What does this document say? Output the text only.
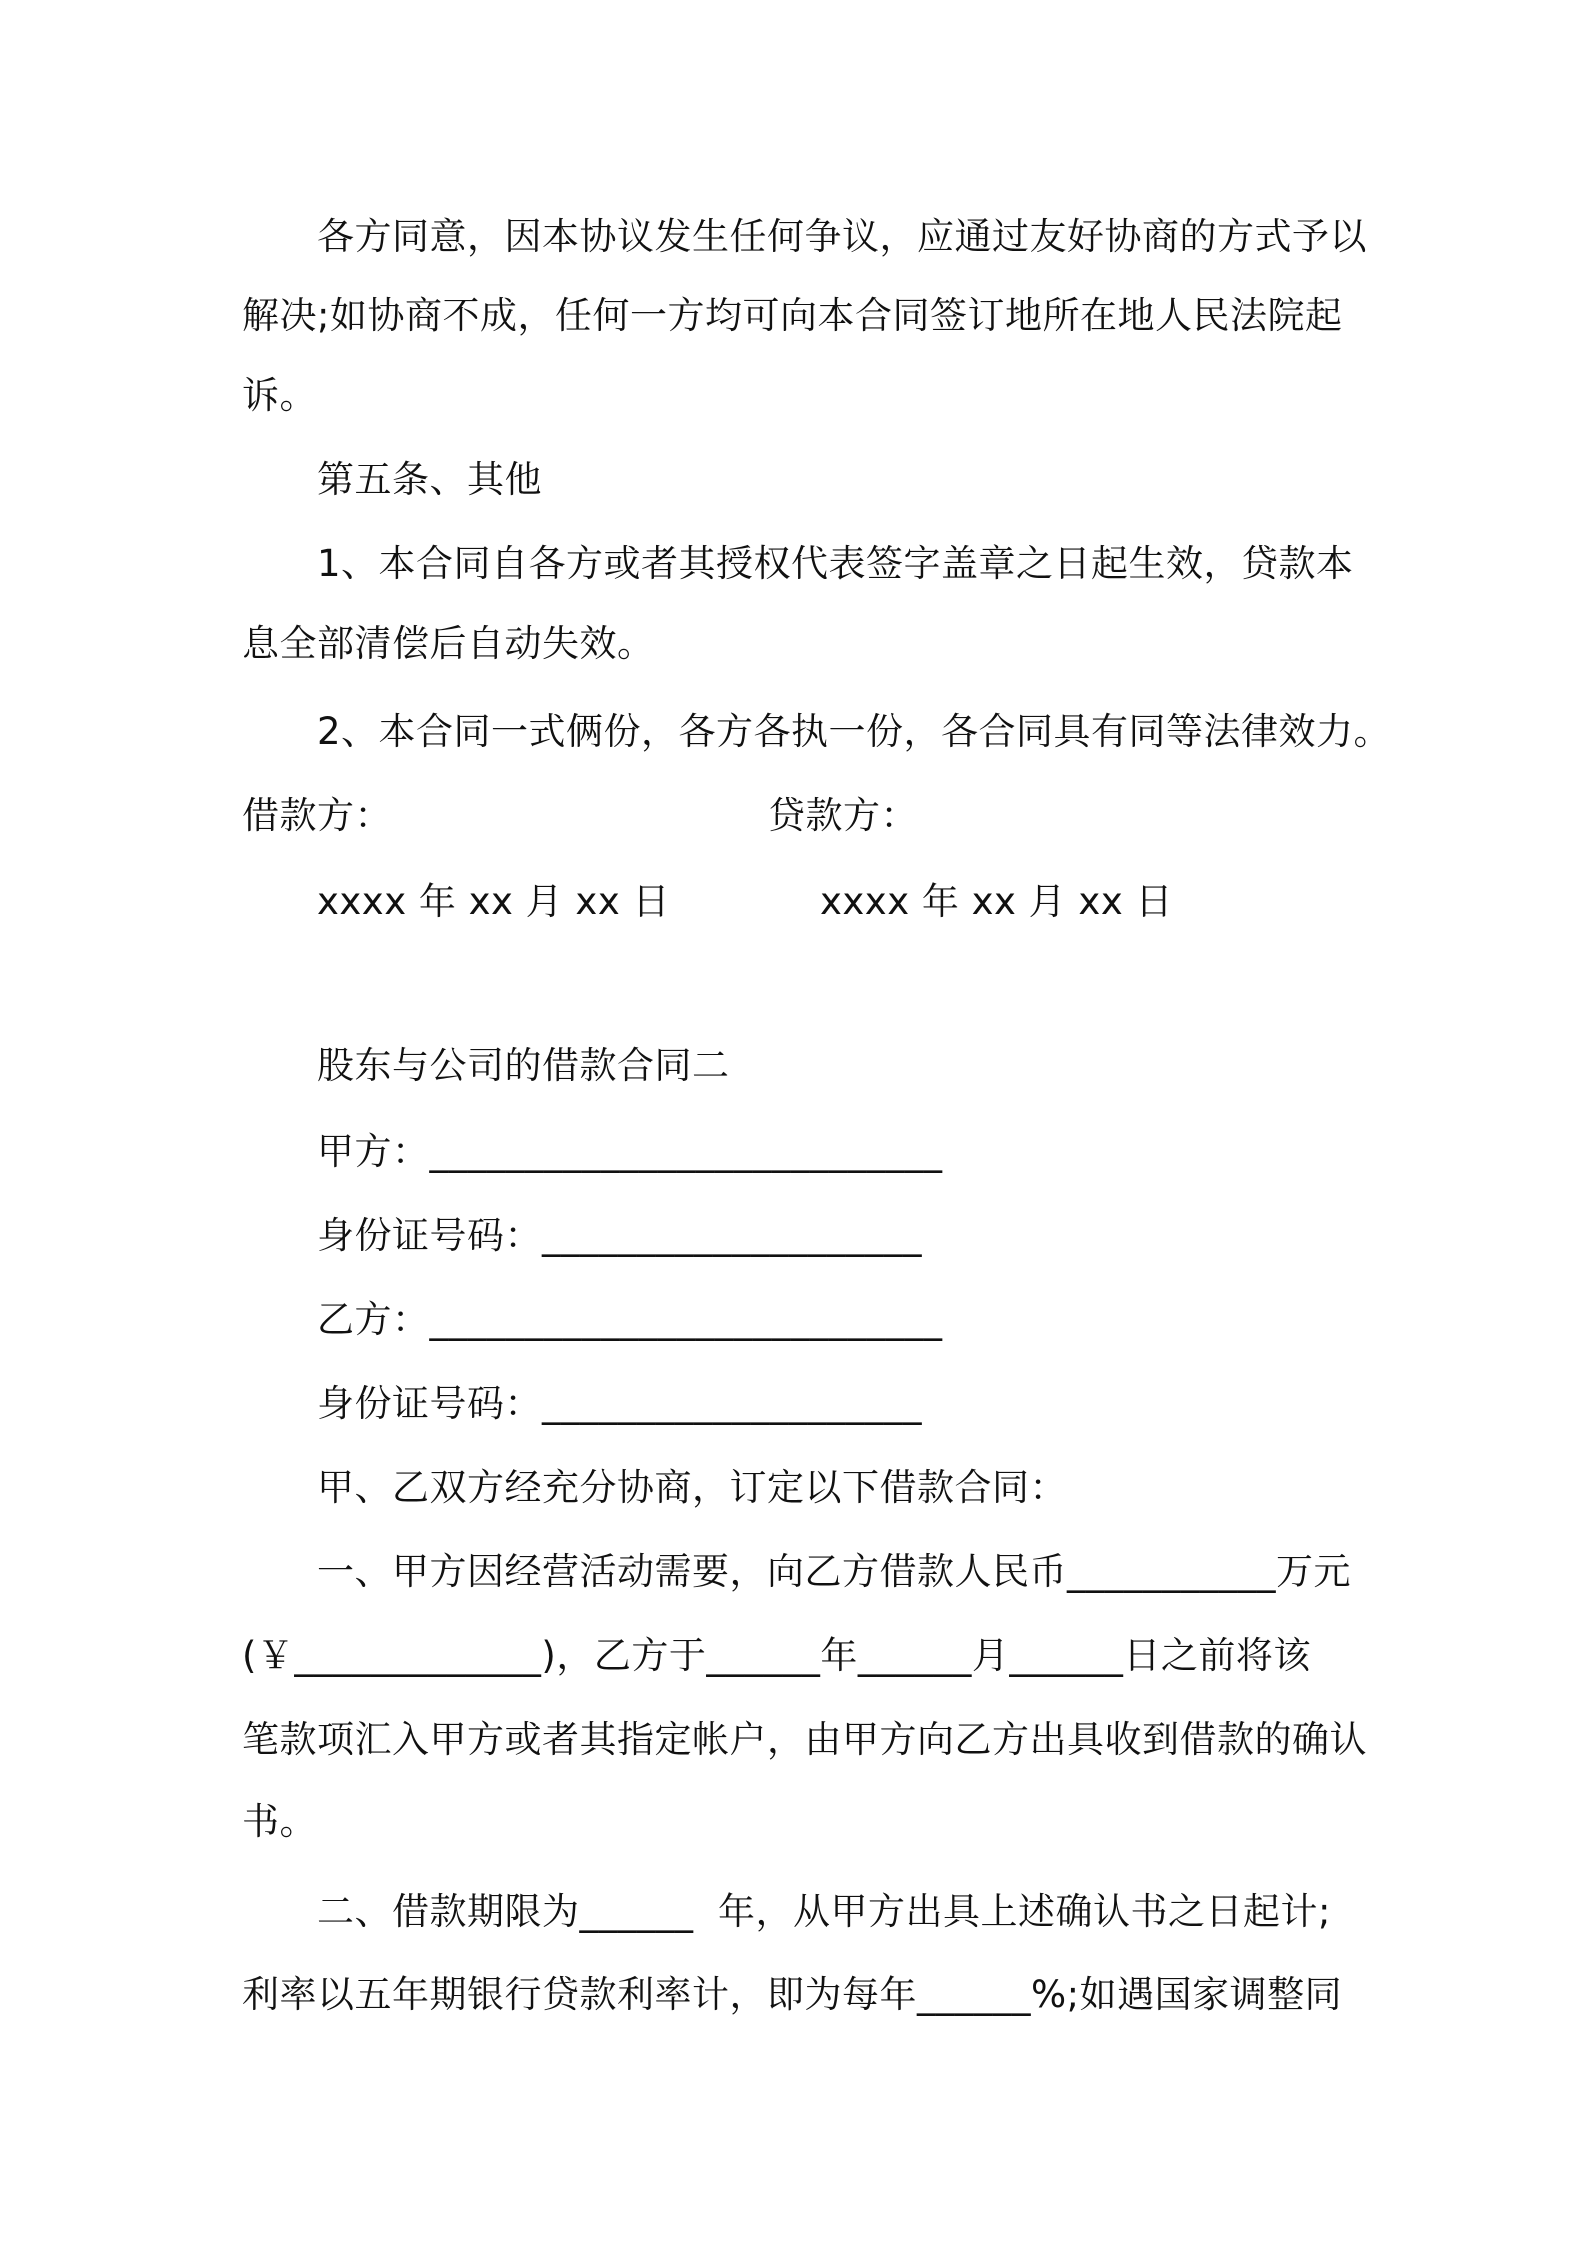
各方同意，因本协议发生任何争议，应通过友好协商的方式予以

解决;如协商不成，任何一方均可向本合同签订地所在地人民法院起

诉。

第五条、其他

1、本合同自各方或者其授权代表签字盖章之日起生效，贷款本

息全部清偿后自动失效。

2、本合同一式俩份，各方各执一份，各合同具有同等法律效力。

借款方：	贷款方：

xxxx 年 xx 月 xx 日	xxxx 年 xx 月 xx 日

股东与公司的借款合同二

甲方：___________________________

身份证号码：____________________

乙方：___________________________

身份证号码：____________________

甲、乙双方经充分协商，订定以下借款合同：

一、甲方因经营活动需要，向乙方借款人民币___________万元

(￥_____________)，乙方于______年______月______日之前将该

笔款项汇入甲方或者其指定帐户，由甲方向乙方出具收到借款的确认

书。

二、借款期限为______  年，从甲方出具上述确认书之日起计;

利率以五年期银行贷款利率计，即为每年______%;如遇国家调整同
